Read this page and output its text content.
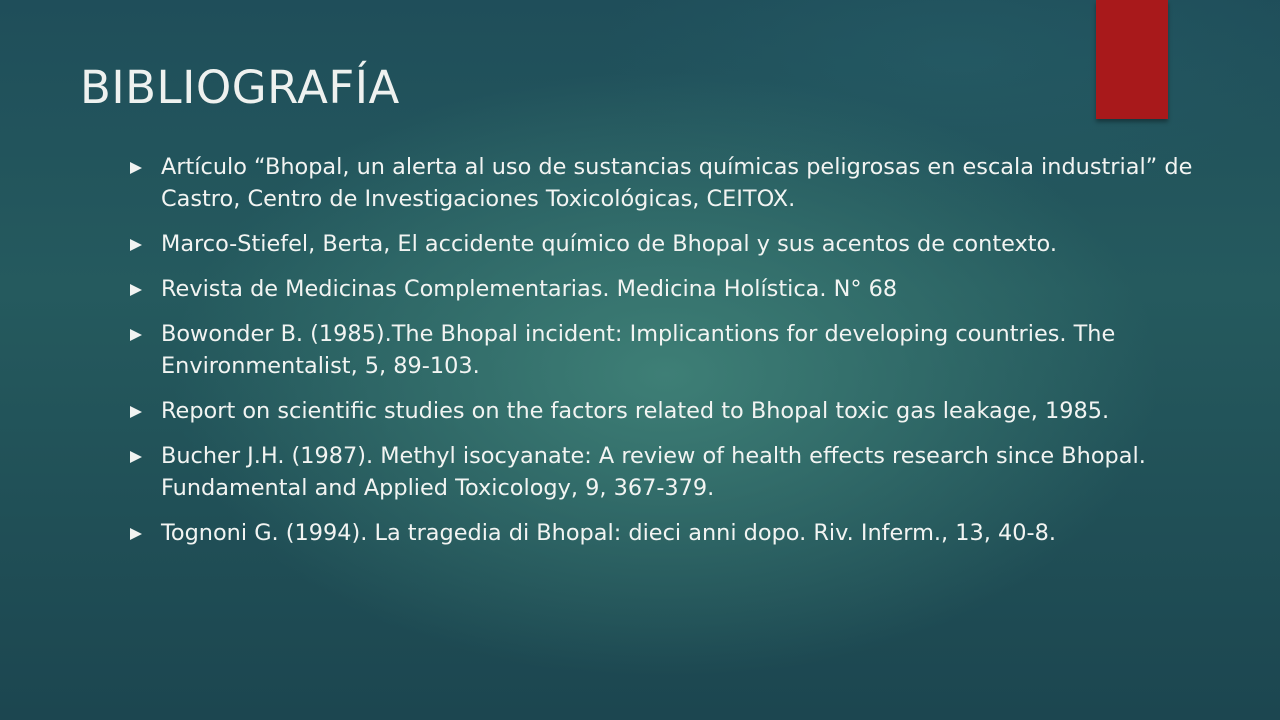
BIBLIOGRAFÍA
Artículo “Bhopal, un alerta al uso de sustancias químicas peligrosas en escala industrial” de Castro, Centro de Investigaciones Toxicológicas, CEITOX.
Marco-Stiefel, Berta, El accidente químico de Bhopal y sus acentos de contexto.
Revista de Medicinas Complementarias. Medicina Holística. N° 68
Bowonder B. (1985).The Bhopal incident: Implicantions for developing countries. The Environmentalist, 5, 89-103.
Report on scientific studies on the factors related to Bhopal toxic gas leakage, 1985.
Bucher J.H. (1987). Methyl isocyanate: A review of health effects research since Bhopal. Fundamental and Applied Toxicology, 9, 367-379.
Tognoni G. (1994). La tragedia di Bhopal: dieci anni dopo. Riv. Inferm., 13, 40-8.
